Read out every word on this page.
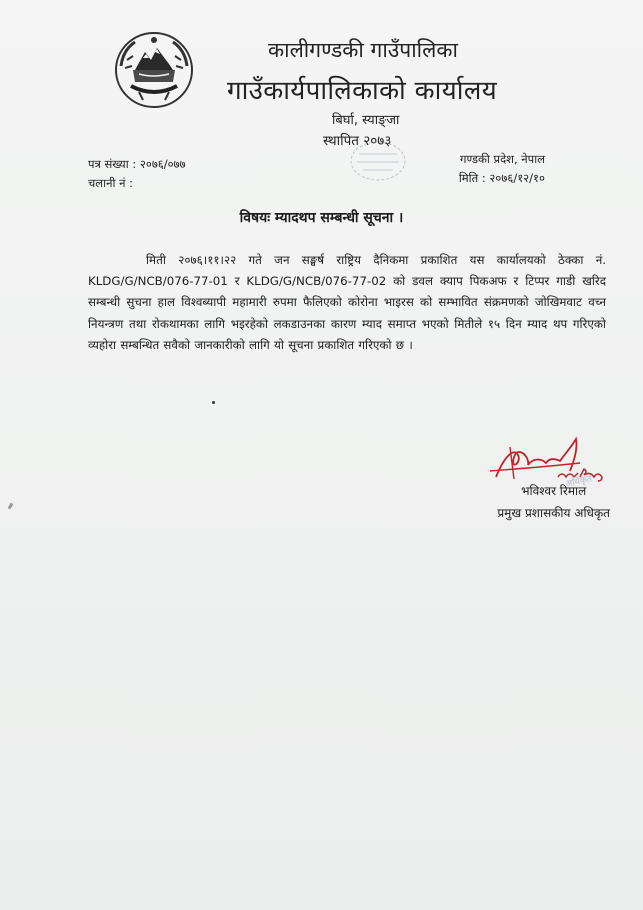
कालीगण्डकी गाउँपालिका
गाउँकार्यपालिकाको कार्यालय
बिर्घा, स्याङ्जा
स्थापित २०७३
पत्र संख्या : २०७६/०७७
चलानी नं :
गण्डकी प्रदेश, नेपाल
मिति : २०७६/१२/१०
विषयः म्यादथप सम्बन्धी सूचना ।
मिती २०७६।११।२२ गते जन सङ्घर्ष राष्ट्रिय दैनिकमा प्रकाशित यस कार्यालयको ठेक्का नं. KLDG/G/NCB/076-77-01 र KLDG/G/NCB/076-77-02 को डवल क्याप पिकअफ र टिप्पर गाडी खरिद सम्बन्धी सुचना हाल विश्वब्यापी महामारी रुपमा फैलिएको कोरोना भाइरस को सम्भावित संक्रमणको जोखिमवाट वच्न नियन्त्रण तथा रोकथामका लागि भइरहेको लकडाउनका कारण म्याद समाप्त भएको मितीले १५ दिन म्याद थप गरिएको व्यहोरा सम्बन्धित सवैको जानकारीको लागि यो सूचना प्रकाशित गरिएको छ ।
अधिकृत
भविश्वर रिमाल
प्रमुख प्रशासकीय अधिकृत
